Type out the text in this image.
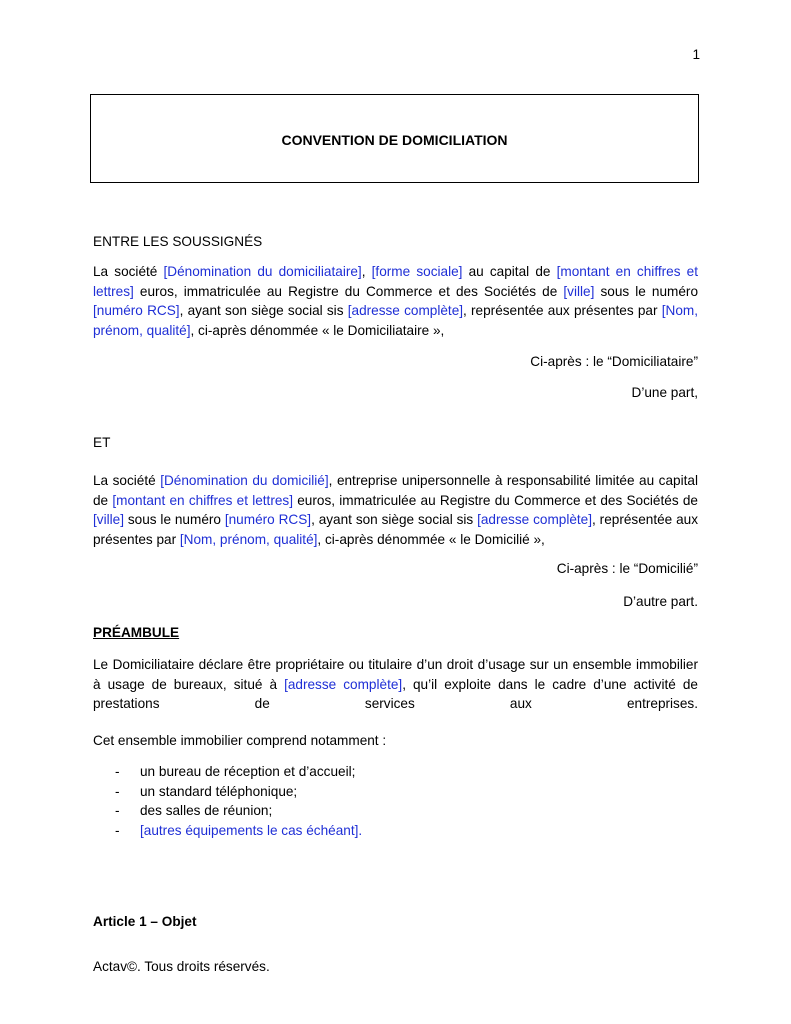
1
CONVENTION DE DOMICILIATION
ENTRE LES SOUSSIGNÉS
La société [Dénomination du domiciliataire], [forme sociale] au capital de [montant en chiffres et lettres] euros, immatriculée au Registre du Commerce et des Sociétés de [ville] sous le numéro [numéro RCS], ayant son siège social sis [adresse complète], représentée aux présentes par [Nom, prénom, qualité], ci-après dénommée « le Domiciliataire »,
Ci-après : le “Domiciliataire”
D’une part,
ET
La société [Dénomination du domicilié], entreprise unipersonnelle à responsabilité limitée au capital de [montant en chiffres et lettres] euros, immatriculée au Registre du Commerce et des Sociétés de [ville] sous le numéro [numéro RCS], ayant son siège social sis [adresse complète], représentée aux présentes par [Nom, prénom, qualité], ci-après dénommée « le Domicilié »,
Ci-après : le “Domicilié”
D’autre part.
PRÉAMBULE
Le Domiciliataire déclare être propriétaire ou titulaire d’un droit d’usage sur un ensemble immobilier à usage de bureaux, situé à [adresse complète], qu’il exploite dans le cadre d’une activité de prestations de services aux entreprises.
Cet ensemble immobilier comprend notamment :
- un bureau de réception et d’accueil;
- un standard téléphonique;
- des salles de réunion;
- [autres équipements le cas échéant].
Article 1 – Objet
Actav©. Tous droits réservés.
